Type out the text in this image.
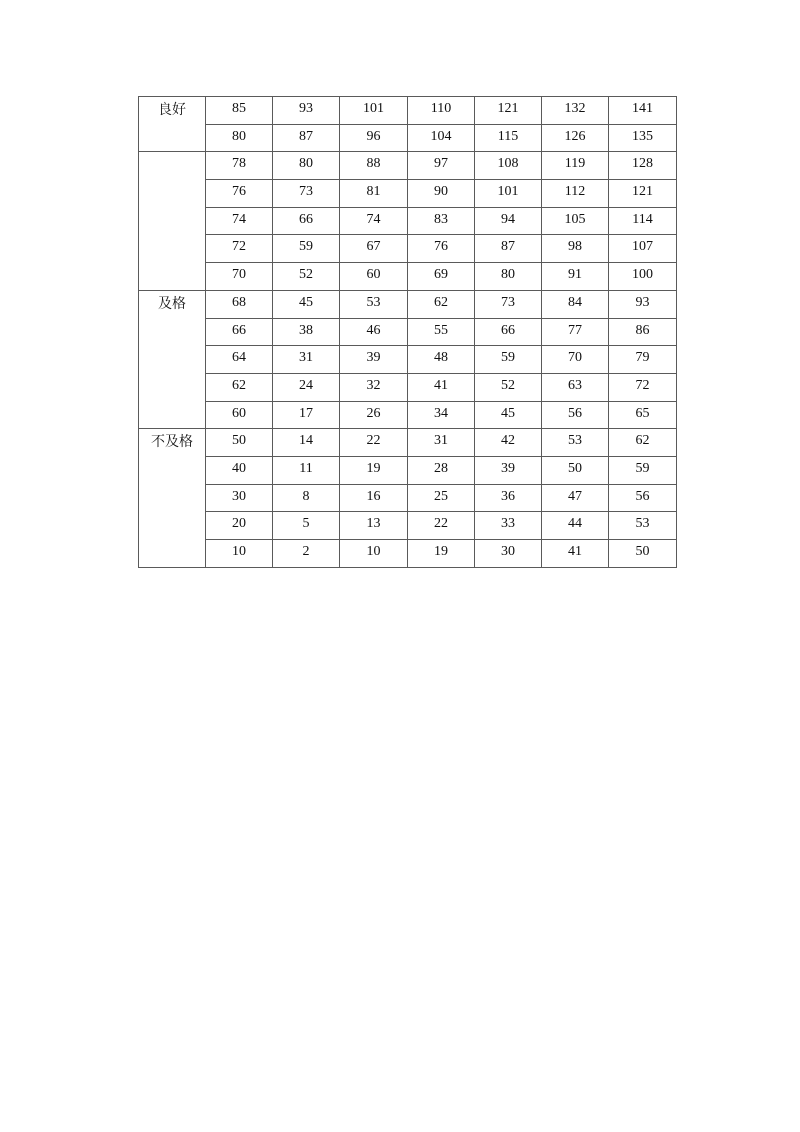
良好	85	93	101	110	121	132	141
	80	87	96	104	115	126	135

	78	80	88	97	108	119	128
	76	73	81	90	101	112	121
	74	66	74	83	94	105	114
	72	59	67	76	87	98	107
	70	52	60	69	80	91	100

及格	68	45	53	62	73	84	93
	66	38	46	55	66	77	86
	64	31	39	48	59	70	79
	62	24	32	41	52	63	72
	60	17	26	34	45	56	65

不及格	50	14	22	31	42	53	62
	40	11	19	28	39	50	59
	30	8	16	25	36	47	56
	20	5	13	22	33	44	53
	10	2	10	19	30	41	50
